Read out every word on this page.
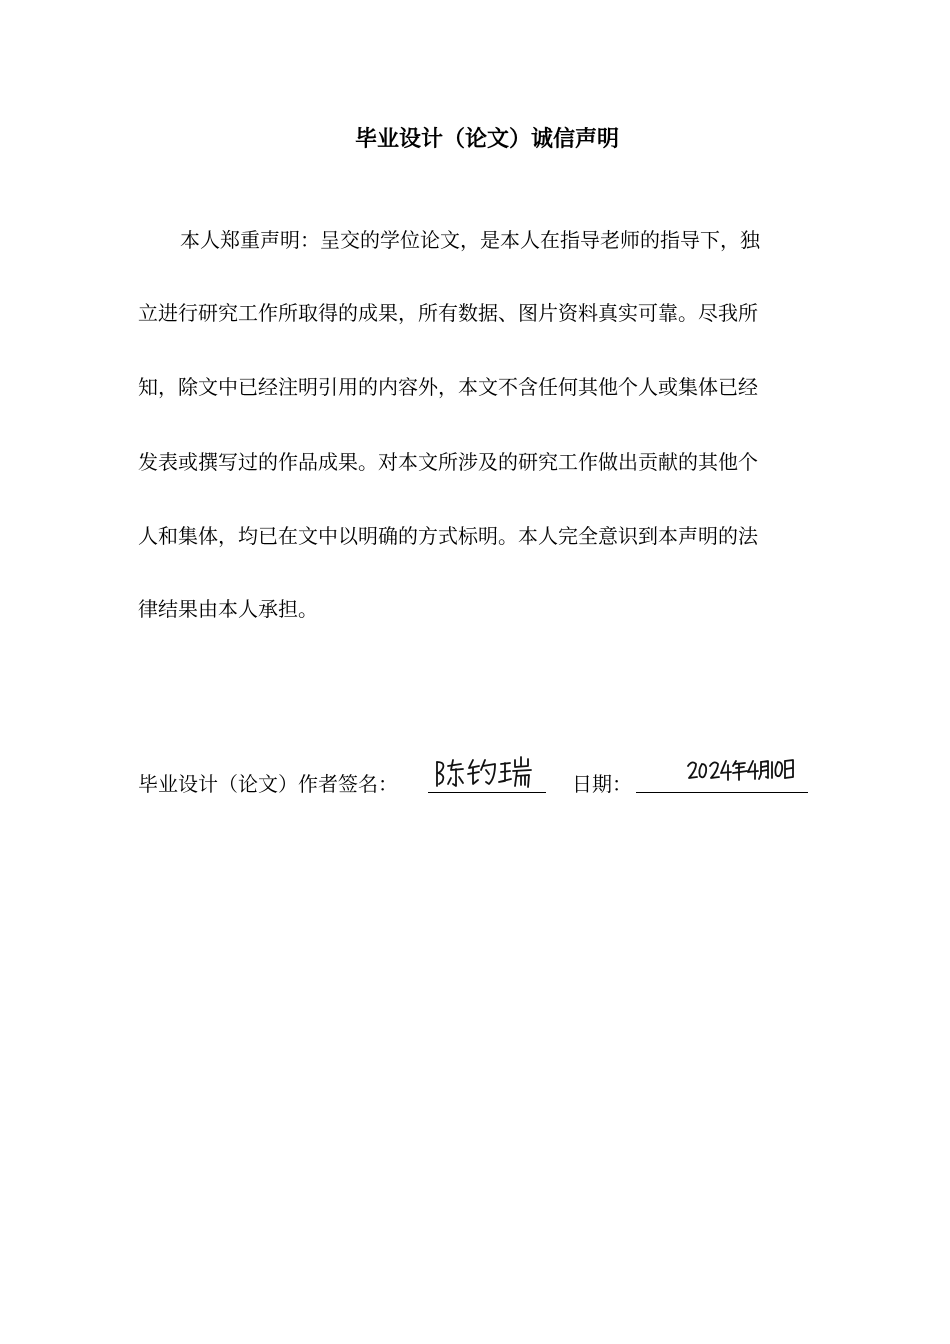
毕业设计（论文）诚信声明
本人郑重声明：呈交的学位论文，是本人在指导老师的指导下，独
立进行研究工作所取得的成果，所有数据、图片资料真实可靠。尽我所
知，除文中已经注明引用的内容外，本文不含任何其他个人或集体已经
发表或撰写过的作品成果。对本文所涉及的研究工作做出贡献的其他个
人和集体，均已在文中以明确的方式标明。本人完全意识到本声明的法
律结果由本人承担。
毕业设计（论文）作者签名：	日期：
